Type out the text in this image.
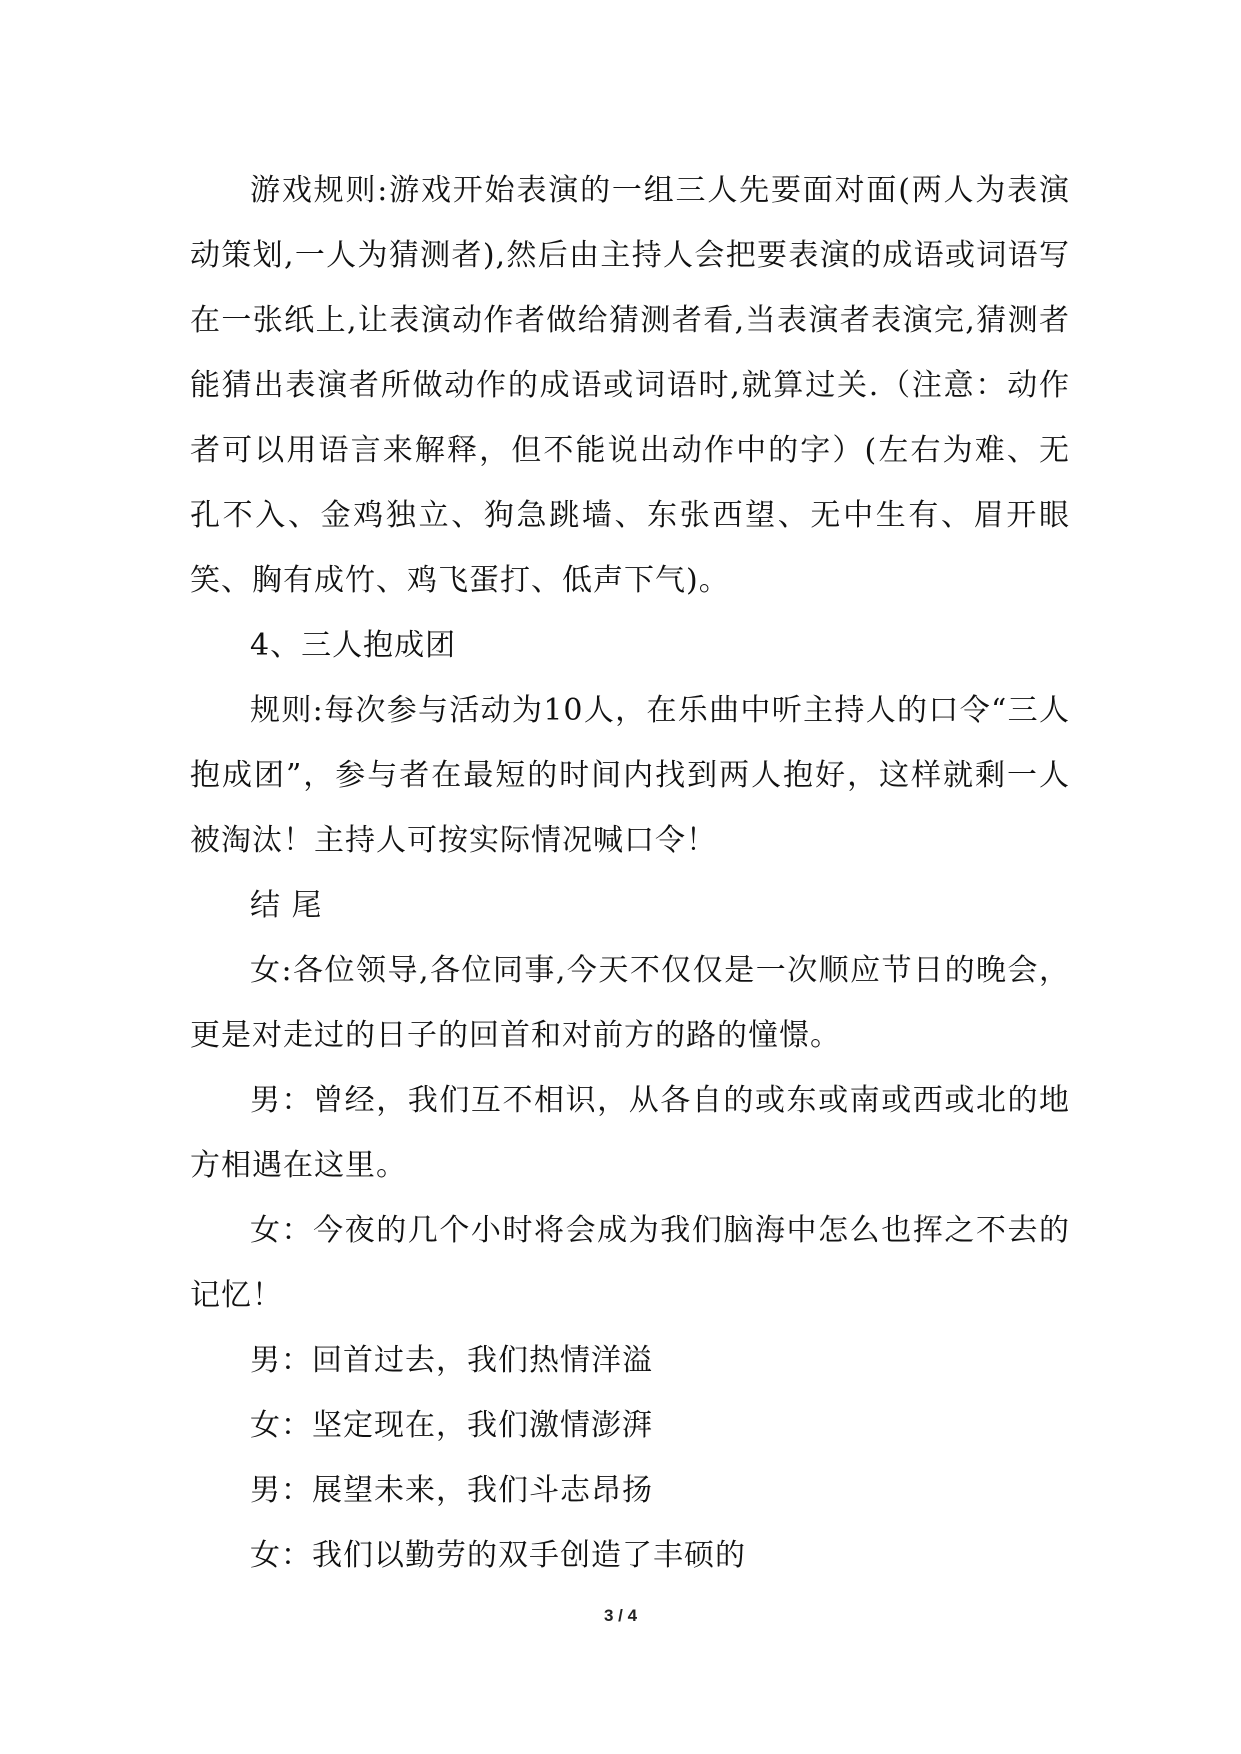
游戏规则:游戏开始表演的一组三人先要面对面(两人为表演动策划,一人为猜测者),然后由主持人会把要表演的成语或词语写在一张纸上,让表演动作者做给猜测者看,当表演者表演完,猜测者能猜出表演者所做动作的成语或词语时,就算过关.（注意：动作者可以用语言来解释，但不能说出动作中的字）(左右为难、无孔不入、金鸡独立、狗急跳墙、东张西望、无中生有、眉开眼笑、胸有成竹、鸡飞蛋打、低声下气)。

4、三人抱成团

规则:每次参与活动为10人，在乐曲中听主持人的口令“三人抱成团”，参与者在最短的时间内找到两人抱好，这样就剩一人被淘汰！主持人可按实际情况喊口令！

结 尾

女:各位领导,各位同事,今天不仅仅是一次顺应节日的晚会，更是对走过的日子的回首和对前方的路的憧憬。

男：曾经，我们互不相识，从各自的或东或南或西或北的地方相遇在这里。

女：今夜的几个小时将会成为我们脑海中怎么也挥之不去的记忆！

男：回首过去，我们热情洋溢

女：坚定现在，我们激情澎湃

男：展望未来，我们斗志昂扬

女：我们以勤劳的双手创造了丰硕的

3 / 4
